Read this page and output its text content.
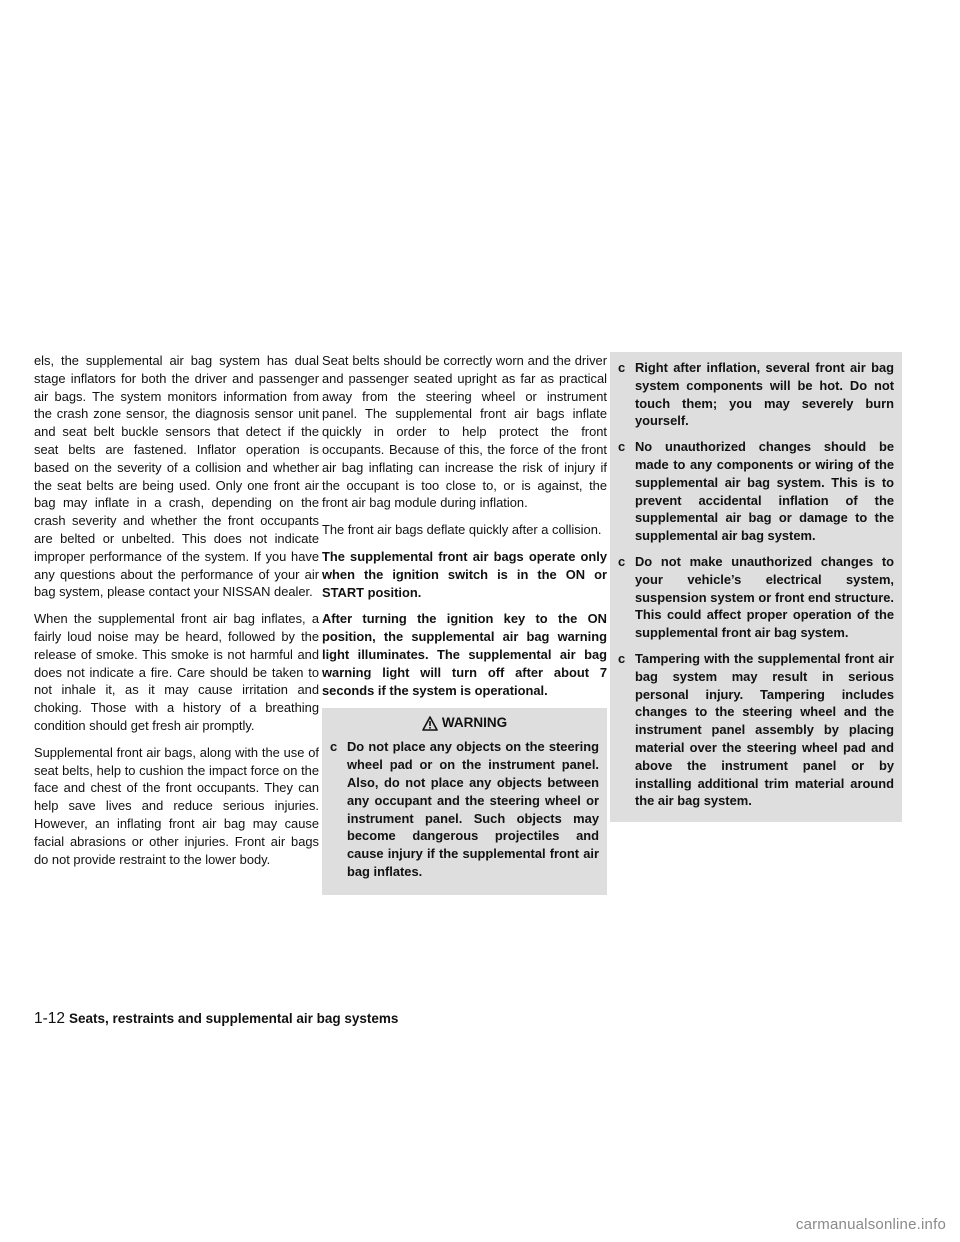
els, the supplemental air bag system has dual stage inflators for both the driver and passenger air bags. The system monitors information from the crash zone sensor, the diagnosis sensor unit and seat belt buckle sensors that detect if the seat belts are fastened. Inflator operation is based on the severity of a collision and whether the seat belts are being used. Only one front air bag may inflate in a crash, depending on the crash severity and whether the front occupants are belted or unbelted. This does not indicate improper performance of the system. If you have any questions about the performance of your air bag system, please contact your NISSAN dealer.

When the supplemental front air bag inflates, a fairly loud noise may be heard, followed by the release of smoke. This smoke is not harmful and does not indicate a fire. Care should be taken to not inhale it, as it may cause irritation and choking. Those with a history of a breathing condition should get fresh air promptly.

Supplemental front air bags, along with the use of seat belts, help to cushion the impact force on the face and chest of the front occupants. They can help save lives and reduce serious injuries. However, an inflating front air bag may cause facial abrasions or other injuries. Front air bags do not provide restraint to the lower body.

Seat belts should be correctly worn and the driver and passenger seated upright as far as practical away from the steering wheel or instrument panel. The supplemental front air bags inflate quickly in order to help protect the front occupants. Because of this, the force of the front air bag inflating can increase the risk of injury if the occupant is too close to, or is against, the front air bag module during inflation.

The front air bags deflate quickly after a collision.

The supplemental front air bags operate only when the ignition switch is in the ON or START position.

After turning the ignition key to the ON position, the supplemental air bag warning light illuminates. The supplemental air bag warning light will turn off after about 7 seconds if the system is operational.

WARNING
c Do not place any objects on the steering wheel pad or on the instrument panel. Also, do not place any objects between any occupant and the steering wheel or instrument panel. Such objects may become dangerous projectiles and cause injury if the supplemental front air bag inflates.
c Right after inflation, several front air bag system components will be hot. Do not touch them; you may severely burn yourself.
c No unauthorized changes should be made to any components or wiring of the supplemental air bag system. This is to prevent accidental inflation of the supplemental air bag or damage to the supplemental air bag system.
c Do not make unauthorized changes to your vehicle’s electrical system, suspension system or front end structure. This could affect proper operation of the supplemental front air bag system.
c Tampering with the supplemental front air bag system may result in serious personal injury. Tampering includes changes to the steering wheel and the instrument panel assembly by placing material over the steering wheel pad and above the instrument panel or by installing additional trim material around the air bag system.
1-12 Seats, restraints and supplemental air bag systems
carmanualsonline.info
